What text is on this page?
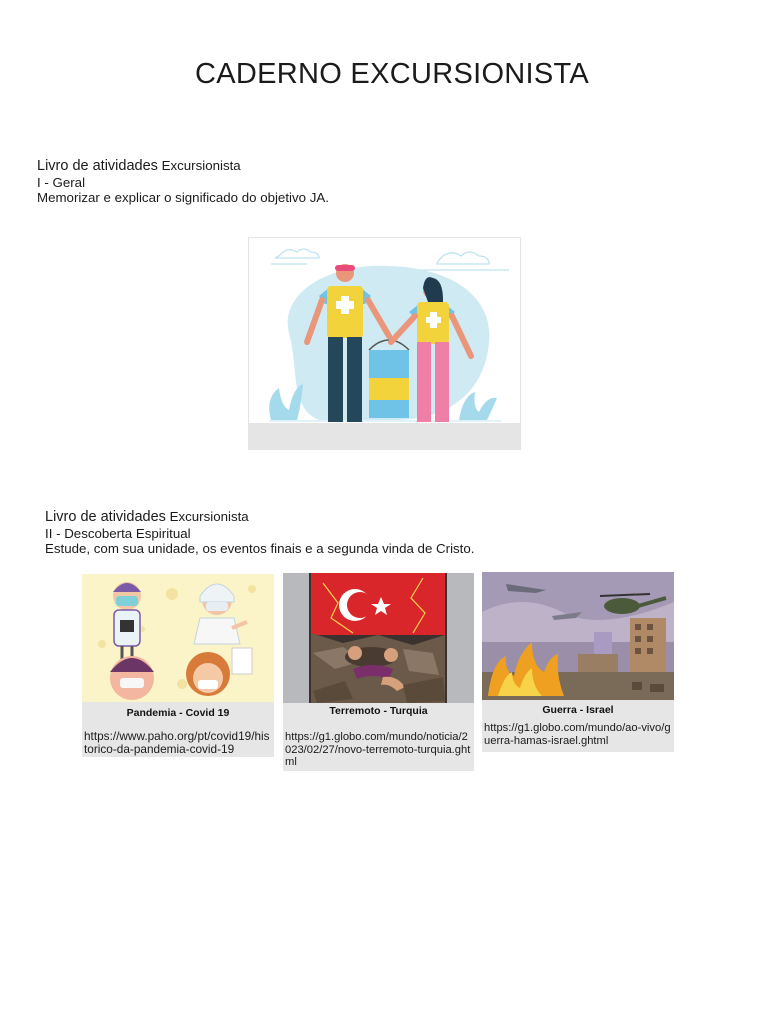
CADERNO EXCURSIONISTA
Livro de atividades Excursionista
I - Geral
Memorizar e explicar o significado do objetivo JA.
Livro de atividades Excursionista
II - Descoberta Espiritual
Estude, com sua unidade, os eventos finais e a segunda vinda de Cristo.
Pandemia - Covid 19
https://www.paho.org/pt/covid19/historico-da-pandemia-covid-19
Terremoto - Turquia
https://g1.globo.com/mundo/noticia/2023/02/27/novo-terremoto-turquia.ghtml
Guerra - Israel
https://g1.globo.com/mundo/ao-vivo/guerra-hamas-israel.ghtml
